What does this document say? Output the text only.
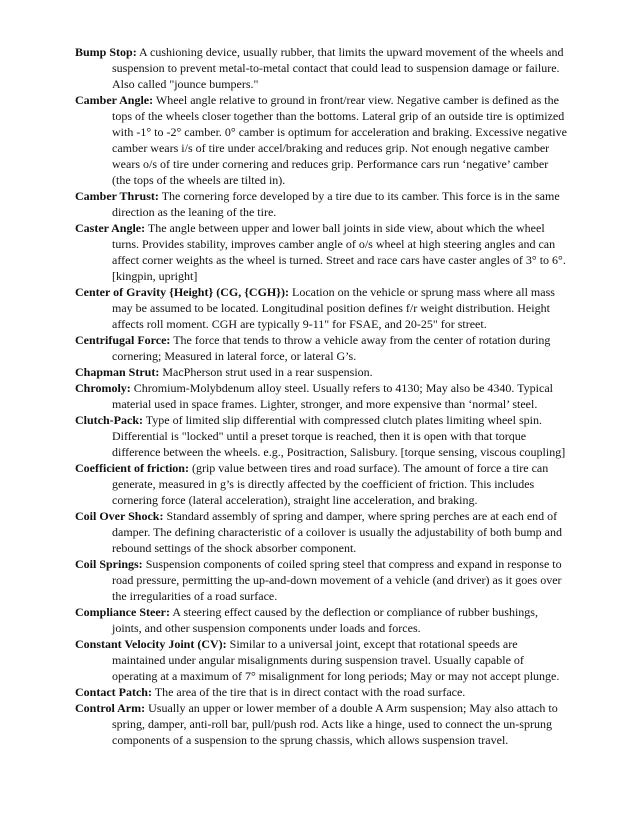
Bump Stop: A cushioning device, usually rubber, that limits the upward movement of the wheels and suspension to prevent metal-to-metal contact that could lead to suspension damage or failure. Also called "jounce bumpers."

Camber Angle: Wheel angle relative to ground in front/rear view. Negative camber is defined as the tops of the wheels closer together than the bottoms. Lateral grip of an outside tire is optimized with -1° to -2° camber. 0° camber is optimum for acceleration and braking. Excessive negative camber wears i/s of tire under accel/braking and reduces grip. Not enough negative camber wears o/s of tire under cornering and reduces grip. Performance cars run ‘negative’ camber (the tops of the wheels are tilted in).

Camber Thrust: The cornering force developed by a tire due to its camber. This force is in the same direction as the leaning of the tire.

Caster Angle: The angle between upper and lower ball joints in side view, about which the wheel turns. Provides stability, improves camber angle of o/s wheel at high steering angles and can affect corner weights as the wheel is turned. Street and race cars have caster angles of 3° to 6°. [kingpin, upright]

Center of Gravity {Height} (CG, {CGH}): Location on the vehicle or sprung mass where all mass may be assumed to be located. Longitudinal position defines f/r weight distribution. Height affects roll moment. CGH are typically 9-11" for FSAE, and 20-25" for street.

Centrifugal Force: The force that tends to throw a vehicle away from the center of rotation during cornering; Measured in lateral force, or lateral G’s.

Chapman Strut: MacPherson strut used in a rear suspension.

Chromoly: Chromium-Molybdenum alloy steel. Usually refers to 4130; May also be 4340. Typical material used in space frames. Lighter, stronger, and more expensive than ‘normal’ steel.

Clutch-Pack: Type of limited slip differential with compressed clutch plates limiting wheel spin. Differential is "locked" until a preset torque is reached, then it is open with that torque difference between the wheels. e.g., Positraction, Salisbury. [torque sensing, viscous coupling]

Coefficient of friction: (grip value between tires and road surface). The amount of force a tire can generate, measured in g’s is directly affected by the coefficient of friction. This includes cornering force (lateral acceleration), straight line acceleration, and braking.

Coil Over Shock: Standard assembly of spring and damper, where spring perches are at each end of damper. The defining characteristic of a coilover is usually the adjustability of both bump and rebound settings of the shock absorber component.

Coil Springs: Suspension components of coiled spring steel that compress and expand in response to road pressure, permitting the up-and-down movement of a vehicle (and driver) as it goes over the irregularities of a road surface.

Compliance Steer: A steering effect caused by the deflection or compliance of rubber bushings, joints, and other suspension components under loads and forces.

Constant Velocity Joint (CV): Similar to a universal joint, except that rotational speeds are maintained under angular misalignments during suspension travel. Usually capable of operating at a maximum of 7° misalignment for long periods; May or may not accept plunge.

Contact Patch: The area of the tire that is in direct contact with the road surface.

Control Arm: Usually an upper or lower member of a double A Arm suspension; May also attach to spring, damper, anti-roll bar, pull/push rod. Acts like a hinge, used to connect the un-sprung components of a suspension to the sprung chassis, which allows suspension travel.
